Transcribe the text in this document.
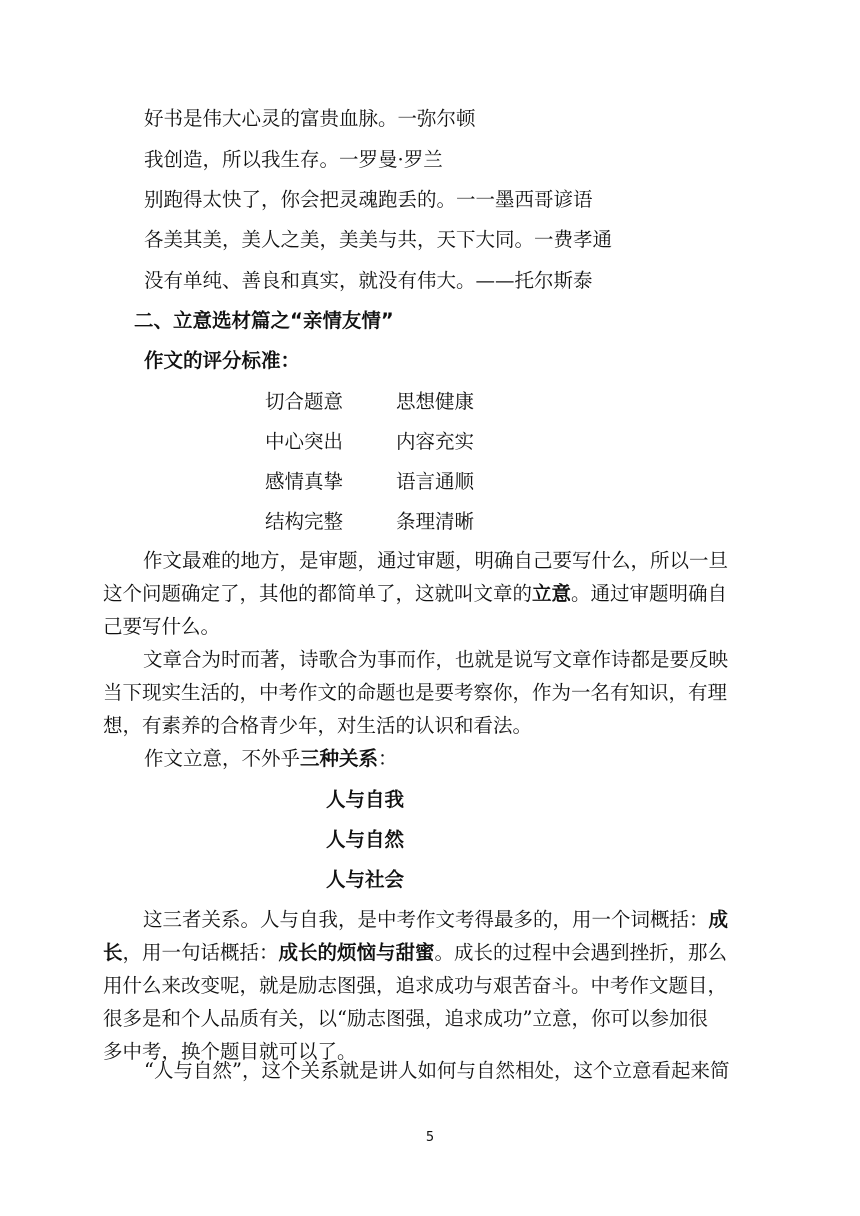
好书是伟大心灵的富贵血脉。一弥尔顿
我创造，所以我生存。一罗曼·罗兰
别跑得太快了，你会把灵魂跑丢的。一一墨西哥谚语
各美其美，美人之美，美美与共，天下大同。一费孝通
没有单纯、善良和真实，就没有伟大。——托尔斯泰
二、立意选材篇之“亲情友情”
作文的评分标准：
切合题意	思想健康
中心突出	内容充实
感情真挚	语言通顺
结构完整	条理清晰
作文最难的地方，是审题，通过审题，明确自己要写什么，所以一旦
这个问题确定了，其他的都简单了，这就叫文章的立意。通过审题明确自
己要写什么。
文章合为时而著，诗歌合为事而作，也就是说写文章作诗都是要反映
当下现实生活的，中考作文的命题也是要考察你，作为一名有知识，有理
想，有素养的合格青少年，对生活的认识和看法。
作文立意，不外乎三种关系：
人与自我
人与自然
人与社会
这三者关系。人与自我，是中考作文考得最多的，用一个词概括：成
长，用一句话概括：成长的烦恼与甜蜜。成长的过程中会遇到挫折，那么
用什么来改变呢，就是励志图强，追求成功与艰苦奋斗。中考作文题目，
很多是和个人品质有关，以“励志图强，追求成功”立意，你可以参加很
多中考，换个题目就可以了。
“人与自然”，这个关系就是讲人如何与自然相处，这个立意看起来简
5
